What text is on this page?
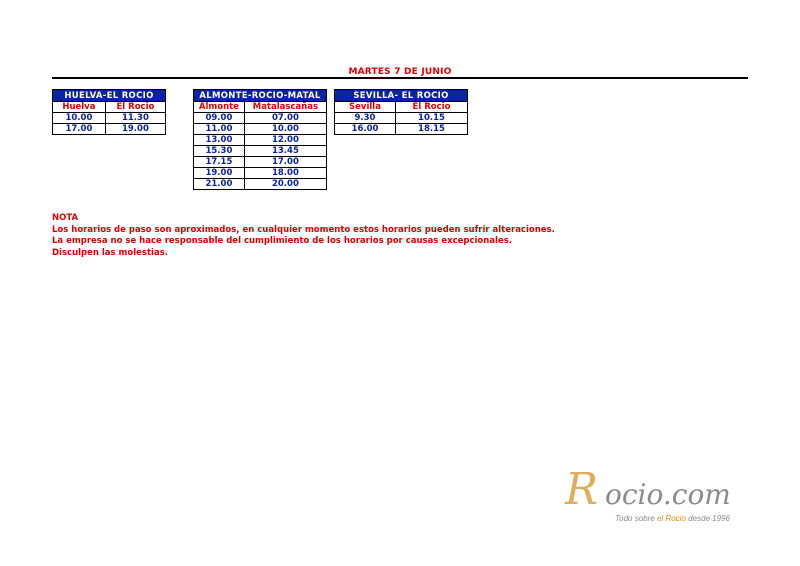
MARTES 7 DE JUNIO
HUELVA-EL ROCIO	
Huelva	El Rocio
10.00	11.30
17.00	19.00
ALMONTE-ROCIO-MATAL	
Almonte	Matalascañas
09.00	07.00
11.00	10.00
13.00	12.00
15.30	13.45
17.15	17.00
19.00	18.00
21.00	20.00
SEVILLA- EL ROCIO	
Sevilla	El Rocio
9.30	10.15
16.00	18.15
NOTA
Los horarios de paso son aproximados, en cualquier momento estos horarios pueden sufrir alteraciones.
La empresa no se hace responsable del cumplimiento de los horarios por causas excepcionales.
Disculpen las molestias.
R ocio.com
Todo sobre el Rocio desde 1996
